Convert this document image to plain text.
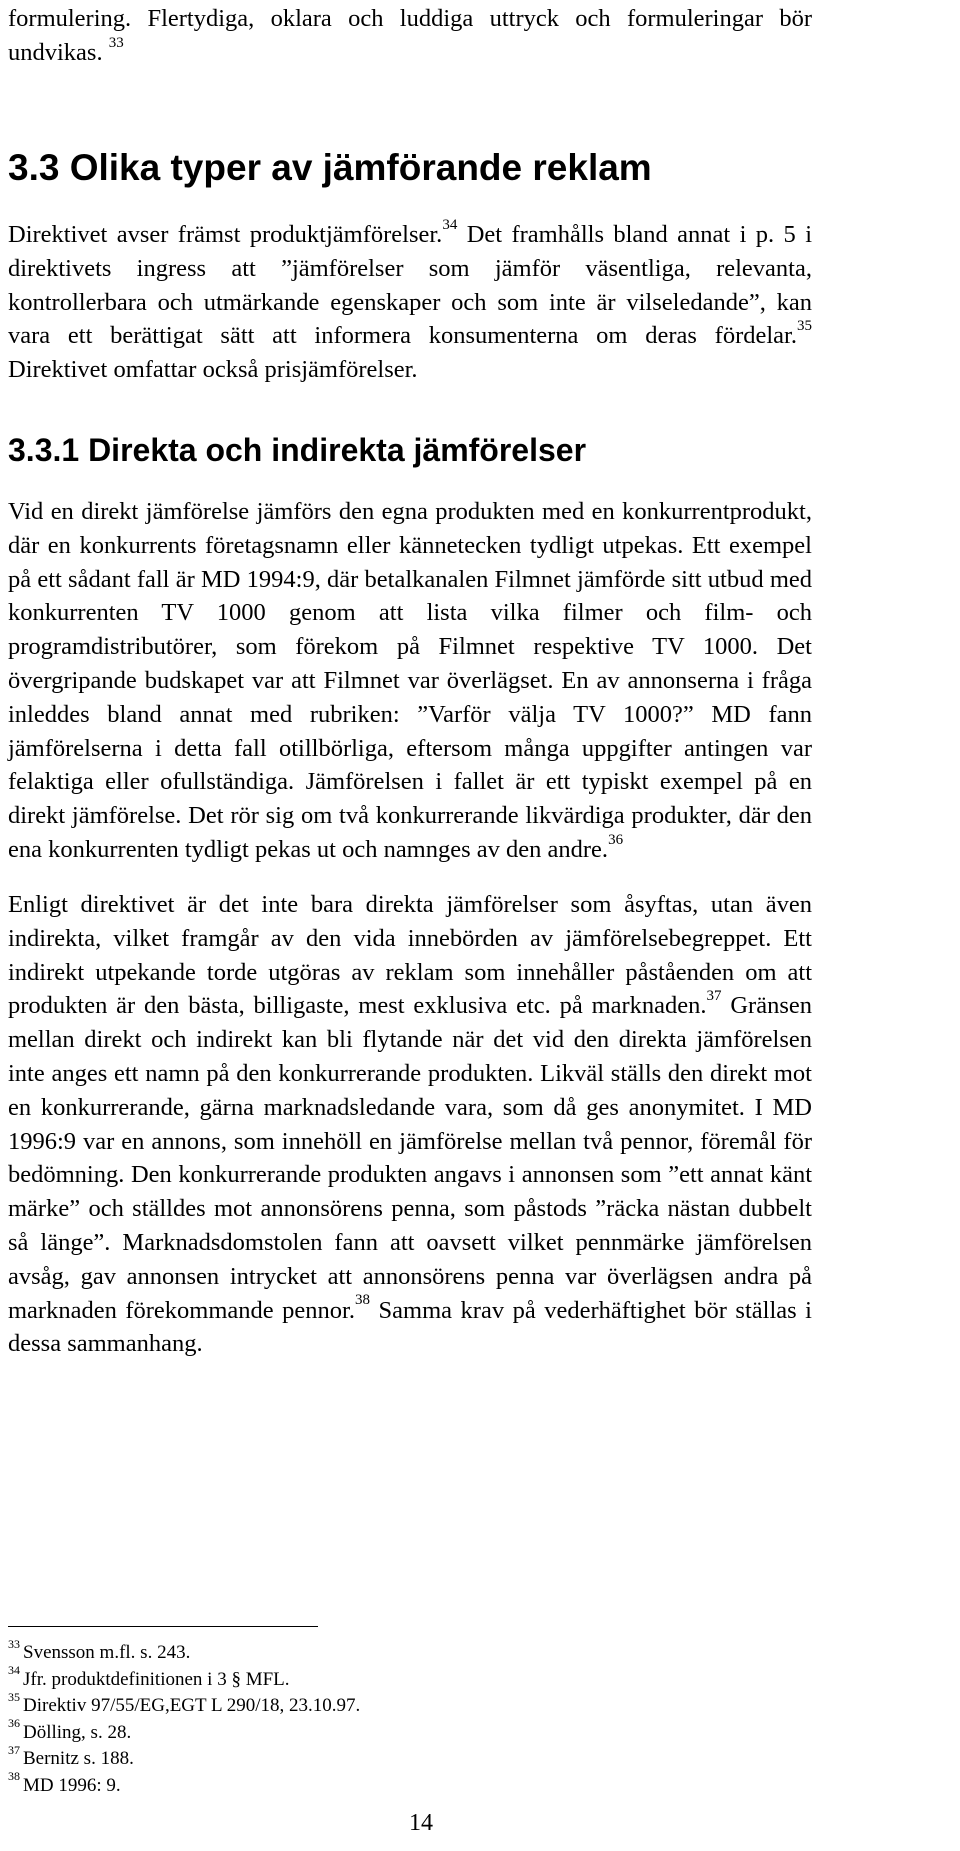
formulering. Flertydiga, oklara och luddiga uttryck och formuleringar bör undvikas. $^{33}$

3.3 Olika typer av jämförande reklam

Direktivet avser främst produktjämförelser.$^{34}$ Det framhålls bland annat i p. 5 i direktivets ingress att ”jämförelser som jämför väsentliga, relevanta, kontrollerbara och utmärkande egenskaper och som inte är vilseledande”, kan vara ett berättigat sätt att informera konsumenterna om deras fördelar.$^{35}$ Direktivet omfattar också prisjämförelser.

3.3.1 Direkta och indirekta jämförelser

Vid en direkt jämförelse jämförs den egna produkten med en konkurrentprodukt, där en konkurrents företagsnamn eller kännetecken tydligt utpekas. Ett exempel på ett sådant fall är MD 1994:9, där betalkanalen Filmnet jämförde sitt utbud med konkurrenten TV 1000 genom att lista vilka filmer och film- och programdistributörer, som förekom på Filmnet respektive TV 1000. Det övergripande budskapet var att Filmnet var överlägset. En av annonserna i fråga inleddes bland annat med rubriken: ”Varför välja TV 1000?” MD fann jämförelserna i detta fall otillbörliga, eftersom många uppgifter antingen var felaktiga eller ofullständiga. Jämförelsen i fallet är ett typiskt exempel på en direkt jämförelse. Det rör sig om två konkurrerande likvärdiga produkter, där den ena konkurrenten tydligt pekas ut och namnges av den andre.$^{36}$

Enligt direktivet är det inte bara direkta jämförelser som åsyftas, utan även indirekta, vilket framgår av den vida innebörden av jämförelsebegreppet. Ett indirekt utpekande torde utgöras av reklam som innehåller påståenden om att produkten är den bästa, billigaste, mest exklusiva etc. på marknaden.$^{37}$ Gränsen mellan direkt och indirekt kan bli flytande när det vid den direkta jämförelsen inte anges ett namn på den konkurrerande produkten. Likväl ställs den direkt mot en konkurrerande, gärna marknadsledande vara, som då ges anonymitet. I MD 1996:9 var en annons, som innehöll en jämförelse mellan två pennor, föremål för bedömning. Den konkurrerande produkten angavs i annonsen som ”ett annat känt märke” och ställdes mot annonsörens penna, som påstods ”räcka nästan dubbelt så länge”. Marknadsdomstolen fann att oavsett vilket pennmärke jämförelsen avsåg, gav annonsen intrycket att annonsörens penna var överlägsen andra på marknaden förekommande pennor.$^{38}$ Samma krav på vederhäftighet bör ställas i dessa sammanhang.

$^{33}$ Svensson m.fl. s. 243.
$^{34}$ Jfr. produktdefinitionen i 3 § MFL.
$^{35}$ Direktiv 97/55/EG,EGT L 290/18, 23.10.97.
$^{36}$ Dölling, s. 28.
$^{37}$ Bernitz s. 188.
$^{38}$ MD 1996: 9.
14
